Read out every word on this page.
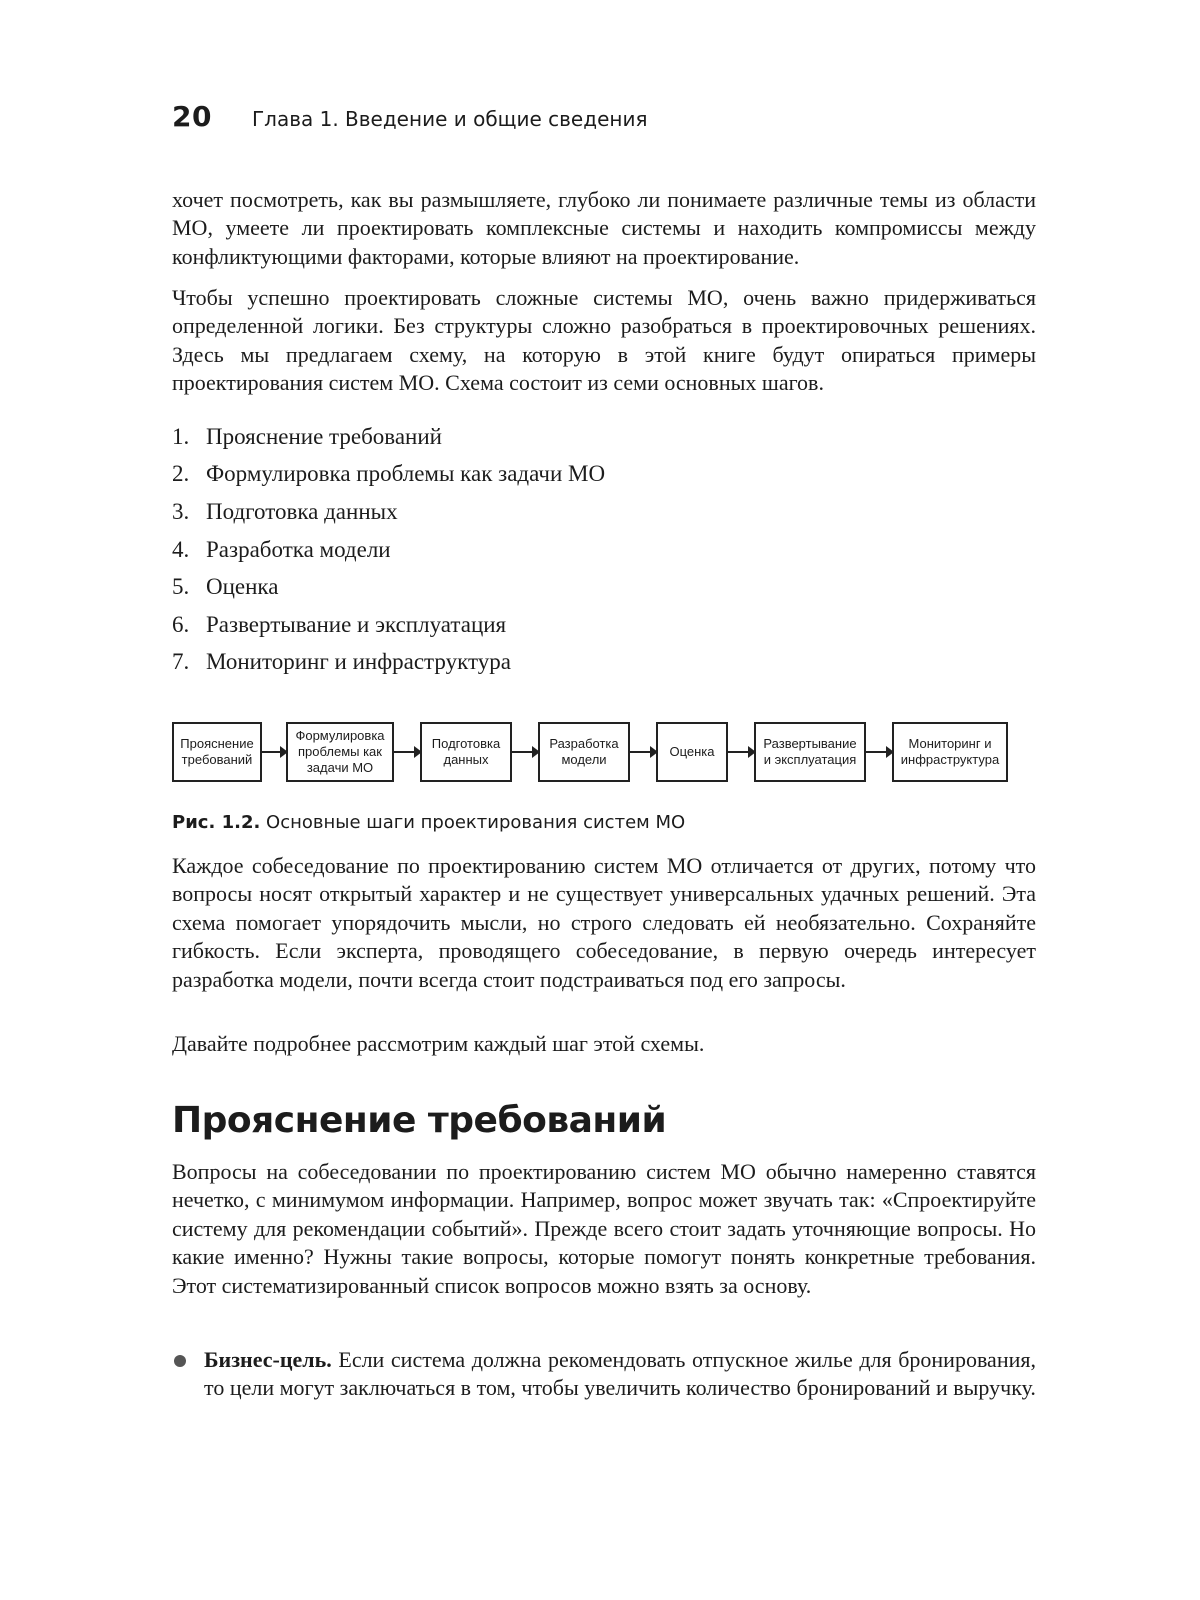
20 Глава 1. Введение и общие сведения

хочет посмотреть, как вы размышляете, глубоко ли понимаете различные темы из области МО, умеете ли проектировать комплексные системы и находить компромиссы между конфликтующими факторами, которые влияют на проектирование.

Чтобы успешно проектировать сложные системы МО, очень важно придерживаться определенной логики. Без структуры сложно разобраться в проектировочных решениях. Здесь мы предлагаем схему, на которую в этой книге будут опираться примеры проектирования систем МО. Схема состоит из семи основных шагов.

1. Прояснение требований
2. Формулировка проблемы как задачи МО
3. Подготовка данных
4. Разработка модели
5. Оценка
6. Развертывание и эксплуатация
7. Мониторинг и инфраструктура
Прояснение требований
Формулировка проблемы как задачи МО
Подготовка данных
Разработка модели
Оценка
Развертывание и эксплуатация
Мониторинг и инфраструктура
Рис. 1.2. Основные шаги проектирования систем МО

Каждое собеседование по проектированию систем МО отличается от других, потому что вопросы носят открытый характер и не существует универсальных удачных решений. Эта схема помогает упорядочить мысли, но строго следовать ей необязательно. Сохраняйте гибкость. Если эксперта, проводящего собеседование, в первую очередь интересует разработка модели, почти всегда стоит подстраиваться под его запросы.

Давайте подробнее рассмотрим каждый шаг этой схемы.

Прояснение требований

Вопросы на собеседовании по проектированию систем МО обычно намеренно ставятся нечетко, с минимумом информации. Например, вопрос может звучать так: «Спроектируйте систему для рекомендации событий». Прежде всего стоит задать уточняющие вопросы. Но какие именно? Нужны такие вопросы, которые помогут понять конкретные требования. Этот систематизированный список вопросов можно взять за основу.

Бизнес-цель. Если система должна рекомендовать отпускное жилье для бронирования, то цели могут заключаться в том, чтобы увеличить количество бронирований и выручку.
